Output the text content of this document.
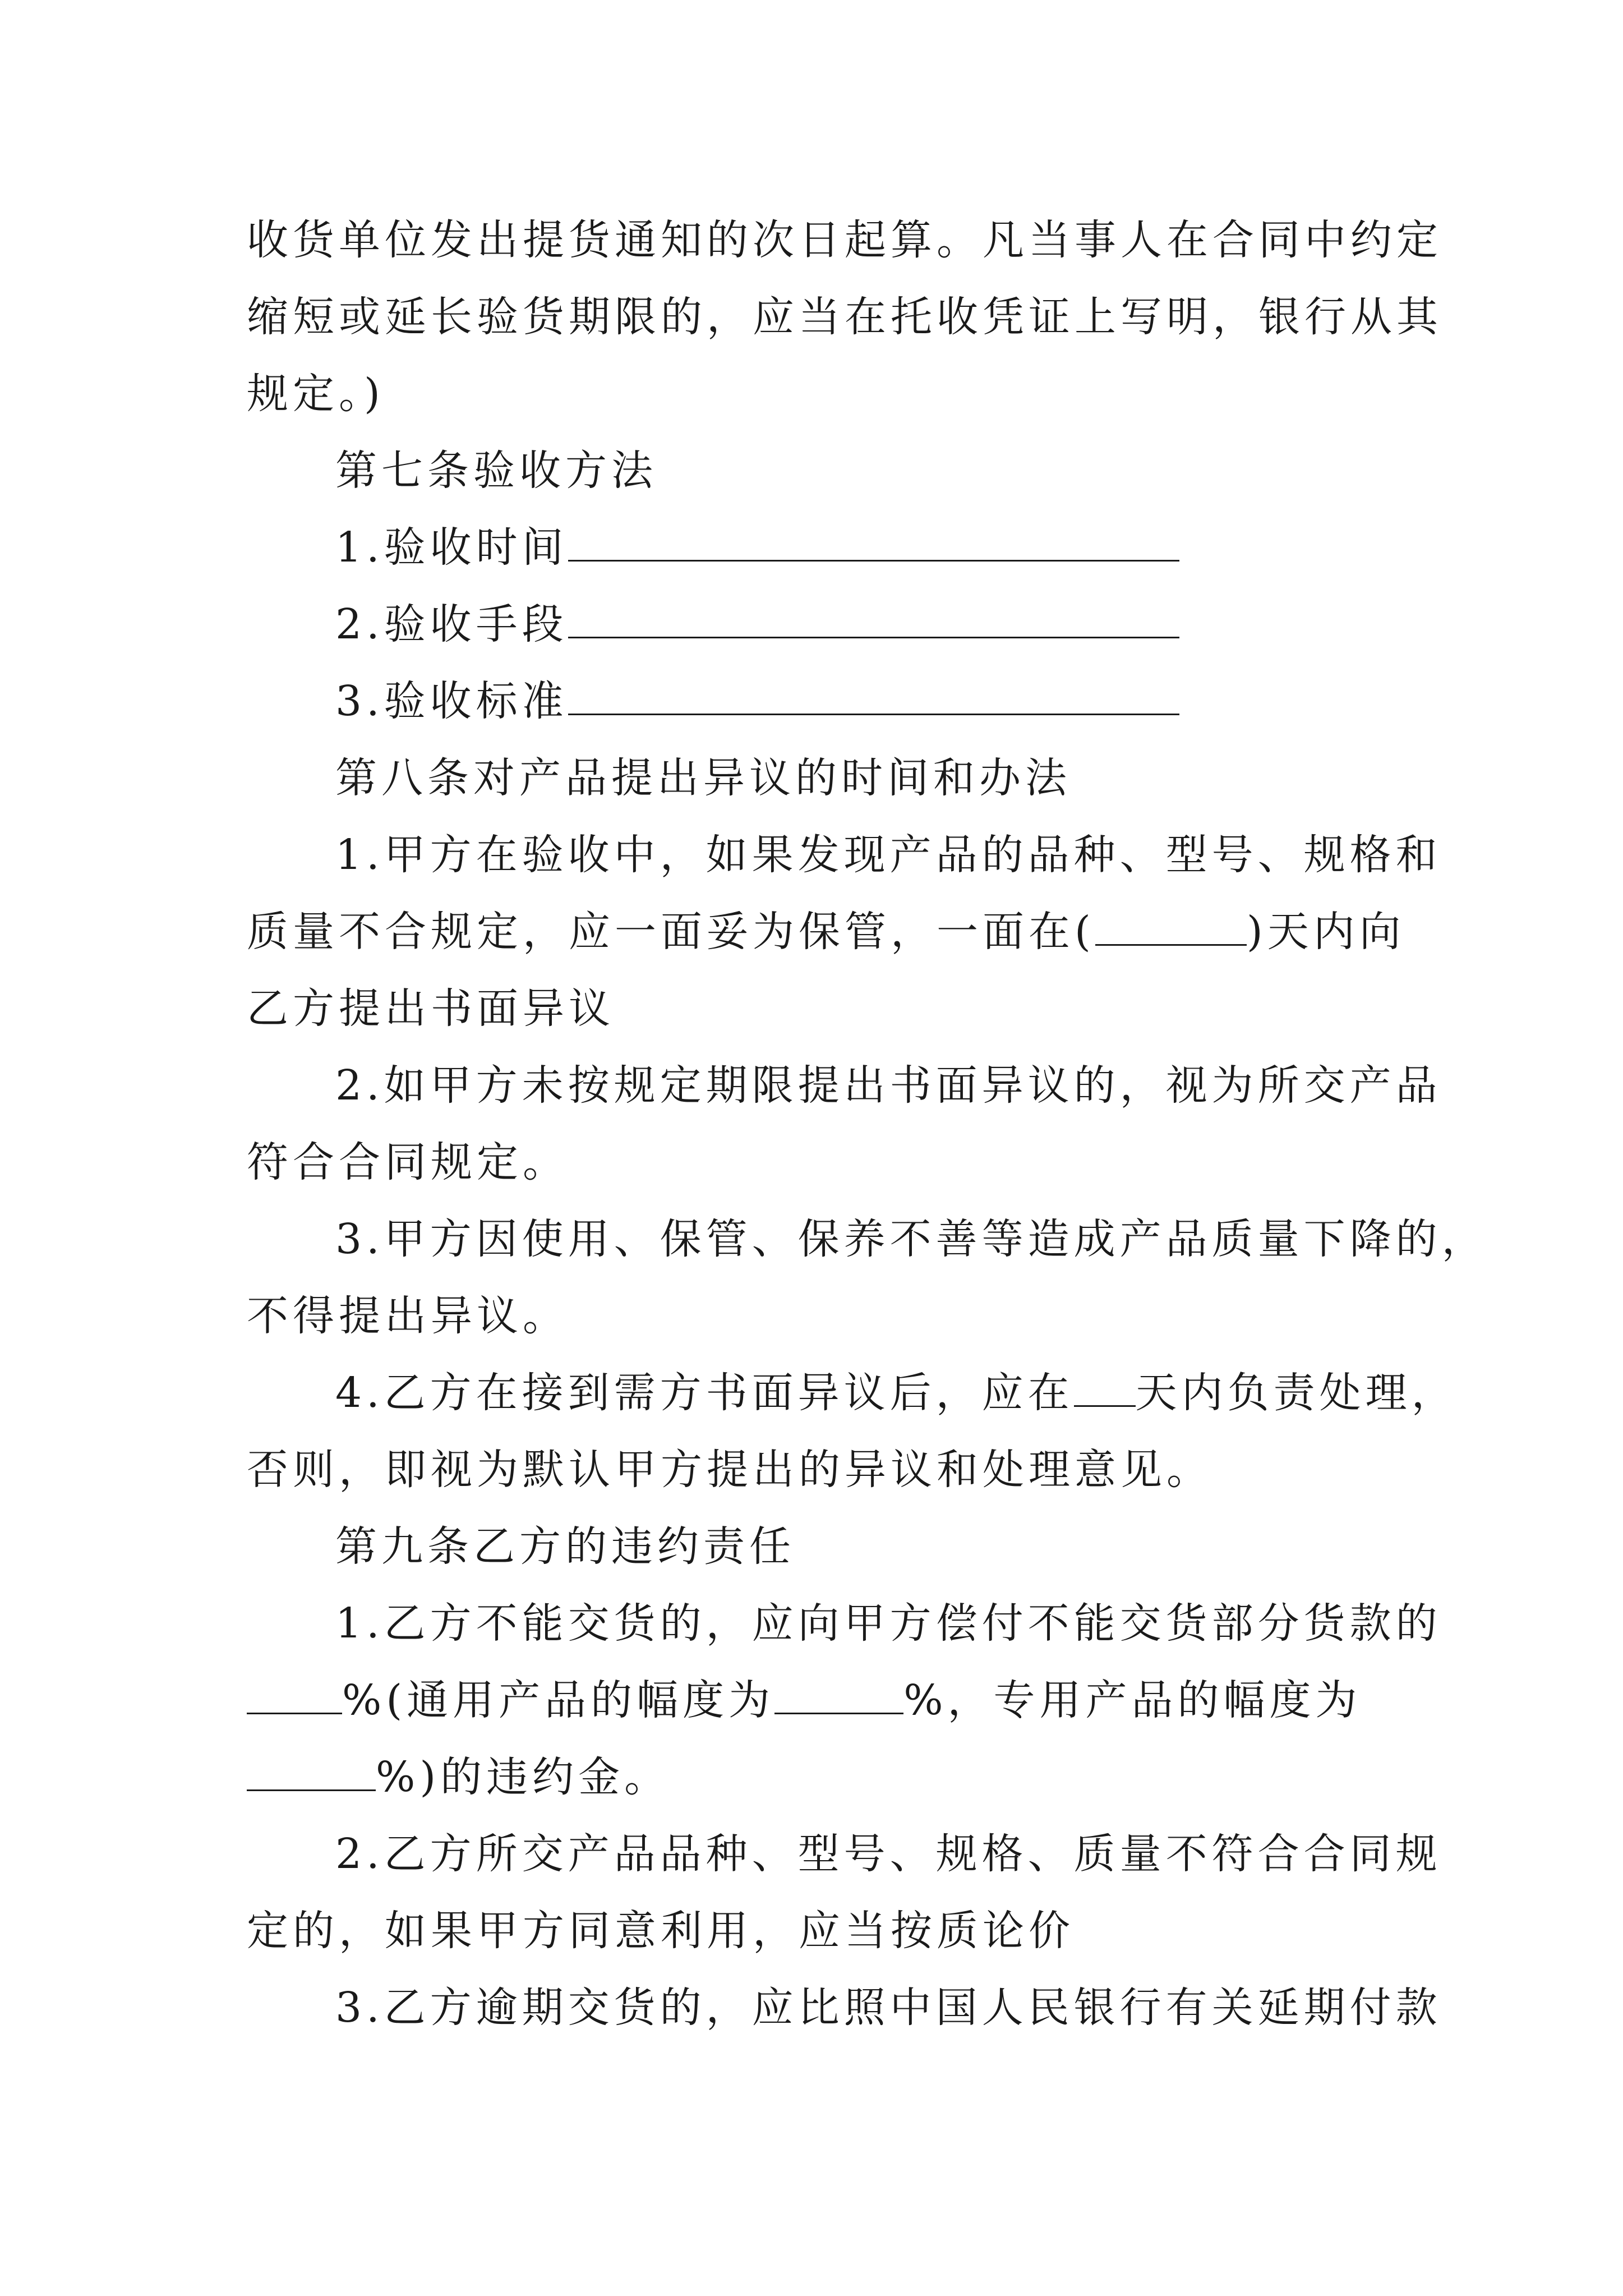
收货单位发出提货通知的次日起算。凡当事人在合同中约定
缩短或延长验货期限的，应当在托收凭证上写明，银行从其
规定。)
第七条验收方法
1.验收时间
2.验收手段
3.验收标准
第八条对产品提出异议的时间和办法
1.甲方在验收中，如果发现产品的品种、型号、规格和
质量不合规定，应一面妥为保管，一面在(	)天内向
乙方提出书面异议
2.如甲方未按规定期限提出书面异议的，视为所交产品
符合合同规定。
3.甲方因使用、保管、保养不善等造成产品质量下降的，
不得提出异议。
4.乙方在接到需方书面异议后，应在 天内负责处理，
否则，即视为默认甲方提出的异议和处理意见。
第九条乙方的违约责任
1.乙方不能交货的，应向甲方偿付不能交货部分货款的
%(通用产品的幅度为	%，专用产品的幅度为
%)的违约金。
2.乙方所交产品品种、型号、规格、质量不符合合同规
定的，如果甲方同意利用，应当按质论价
3.乙方逾期交货的，应比照中国人民银行有关延期付款
